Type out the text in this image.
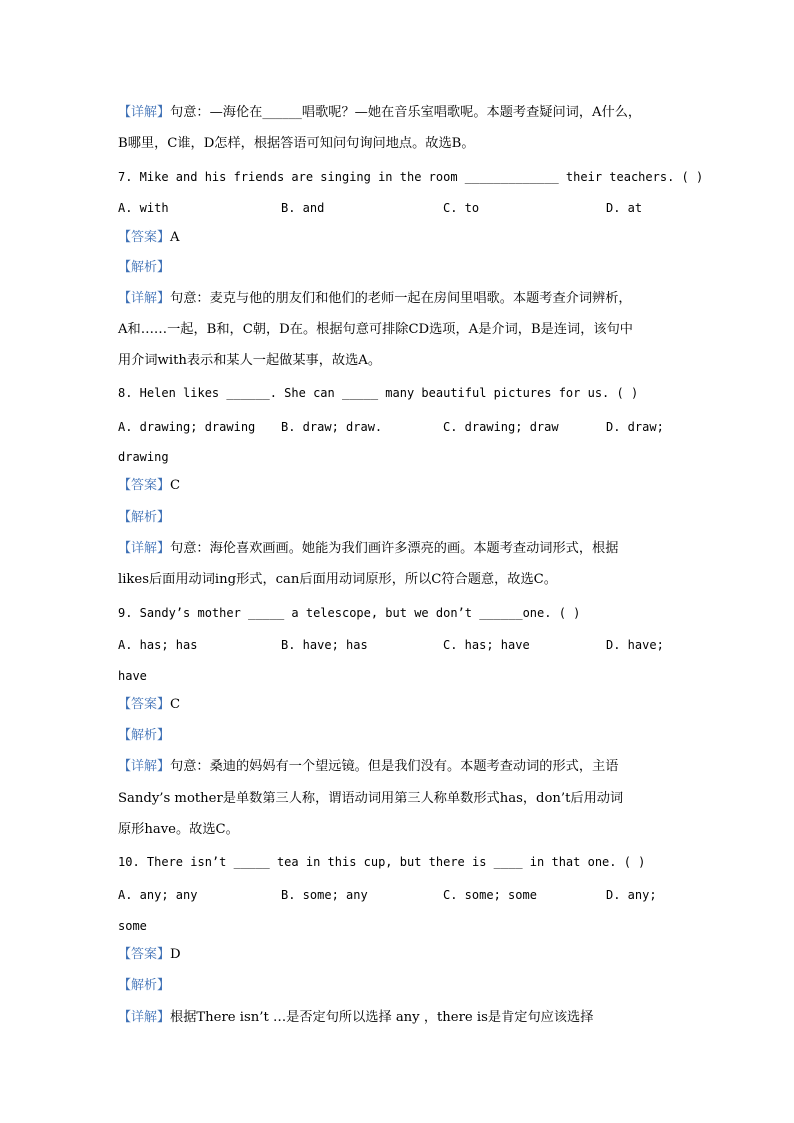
【详解】句意：—海伦在______唱歌呢？—她在音乐室唱歌呢。本题考查疑问词，A什么，
B哪里，C谁，D怎样，根据答语可知问句询问地点。故选B。
7. Mike and his friends are singing in the room _____________ their teachers. ( )
A. with	B. and	C. to	D. at
【答案】A
【解析】
【详解】句意：麦克与他的朋友们和他们的老师一起在房间里唱歌。本题考查介词辨析，
A和……一起，B和，C朝，D在。根据句意可排除CD选项，A是介词，B是连词，该句中
用介词with表示和某人一起做某事，故选A。
8. Helen likes ______. She can _____ many beautiful pictures for us. ( )
A. drawing; drawing B. draw; draw.	C. drawing; draw	D. draw;
drawing
【答案】C
【解析】
【详解】句意：海伦喜欢画画。她能为我们画许多漂亮的画。本题考查动词形式，根据
likes后面用动词ing形式，can后面用动词原形，所以C符合题意，故选C。
9. Sandy’s mother _____ a telescope, but we don’t ______one. ( )
A. has; has	B. have; has	C. has; have	D. have;
have
【答案】C
【解析】
【详解】句意：桑迪的妈妈有一个望远镜。但是我们没有。本题考查动词的形式，主语
Sandy’s mother是单数第三人称，谓语动词用第三人称单数形式has，don’t后用动词
原形have。故选C。
10. There isn’t _____ tea in this cup, but there is ____ in that one. ( )
A. any; any	B. some; any	C. some; some	D. any;
some
【答案】D
【解析】
【详解】根据There isn’t …是否定句所以选择 any ，there is是肯定句应该选择
